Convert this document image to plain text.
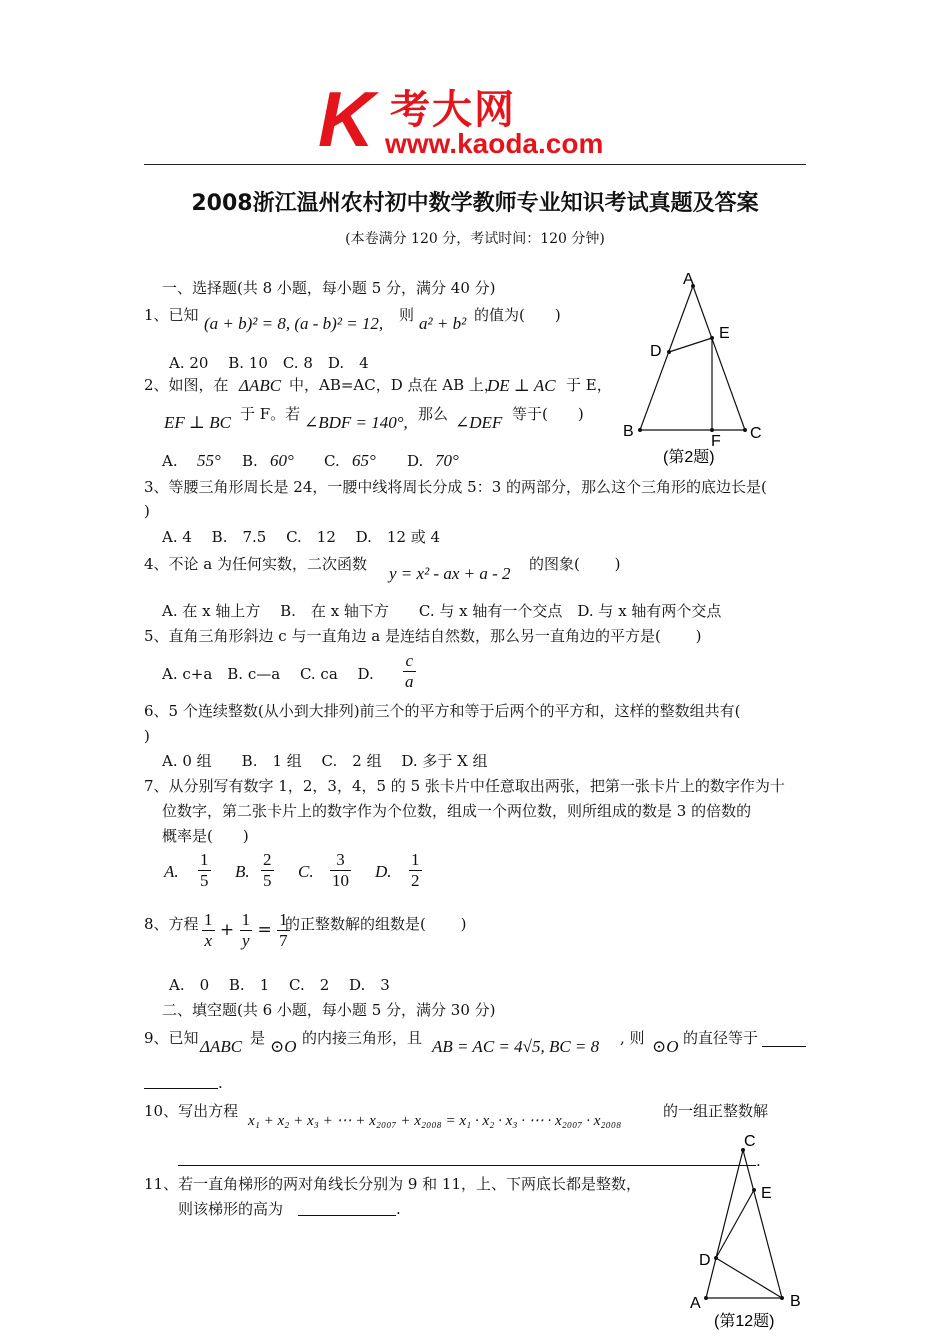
K 考大网
www.kaoda.com
2008浙江温州农村初中数学教师专业知识考试真题及答案
(本卷满分 120 分，考试时间：120 分钟)
一、选择题(共 8 小题，每小题 5 分，满分 40 分)
1、已知 (a + b)² = 8, (a - b)² = 12, 则 a² + b² 的值为(　　)
A. 20　 B. 10　C. 8　D.　4
2、如图，在 ΔABC 中，AB=AC，D 点在 AB 上，
DE ⊥ AC 于 E，
EF ⊥ BC 于 F。若 ∠BDF = 140°, 那么 ∠DEF 等于(　　)
A. 55° B. 60° C. 65° D. 70°
A
D
E
B	C
F
(第2题)
3、等腰三角形周长是 24，一腰中线将周长分成 5：3 的两部分，那么这个三角形的底边长是(
)
A. 4　 B.　7.5　 C.　12　 D.　12 或 4
4、不论 a 为任何实数，二次函数 y = x² - ax + a - 2 的图象(　　 )
A. 在 x 轴上方　 B.　在 x 轴下方　　C. 与 x 轴有一个交点　D. 与 x 轴有两个交点
5、直角三角形斜边 c 与一直角边 a 是连结自然数，那么另一直角边的平方是(　　 )
A. c+a　B. c—a　 C. ca　 D. $\frac{c}{a}$
6、5 个连续整数(从小到大排列)前三个的平方和等于后两个的平方和，这样的整数组共有(
)
A. 0 组　　B.　1 组　 C.　2 组　 D. 多于 X 组
7、从分别写有数字 1，2，3，4，5 的 5 张卡片中任意取出两张，把第一张卡片上的数字作为十
位数字，第二张卡片上的数字作为个位数，组成一个两位数，则所组成的数是 3 的倍数的
概率是(　　)
A. $\frac{1}{5} B$. $\frac{2}{5} C$. $\frac{3}{10} D$. $\frac{1}{2}$
8、方程 $\frac{1}{x} + \frac{1}{y} = \frac{1}{7}$
的正整数解的组数是(　　 )
A.　0　 B.　1　 C.　2　 D.　3
二、填空题(共 6 小题，每小题 5 分，满分 30 分)
9、已知 ΔABC 是 ⊙O 的内接三角形，且 AB = AC = 4√5, BC = 8 , 则 ⊙O 的直径等于
.
10、写出方程
x₁ + x₂ + x₃ + ⋯ + x₂₀₀₇ + x₂₀₀₈ = x₁ · x₂ · x₃ · ⋯ · x₂₀₀₇ · x₂₀₀₈
的一组正整数解
.
11、若一直角梯形的两对角线长分别为 9 和 11，上、下两底长都是整数，
则该梯形的高为	.
C
E
D
A	B
(第12题)
